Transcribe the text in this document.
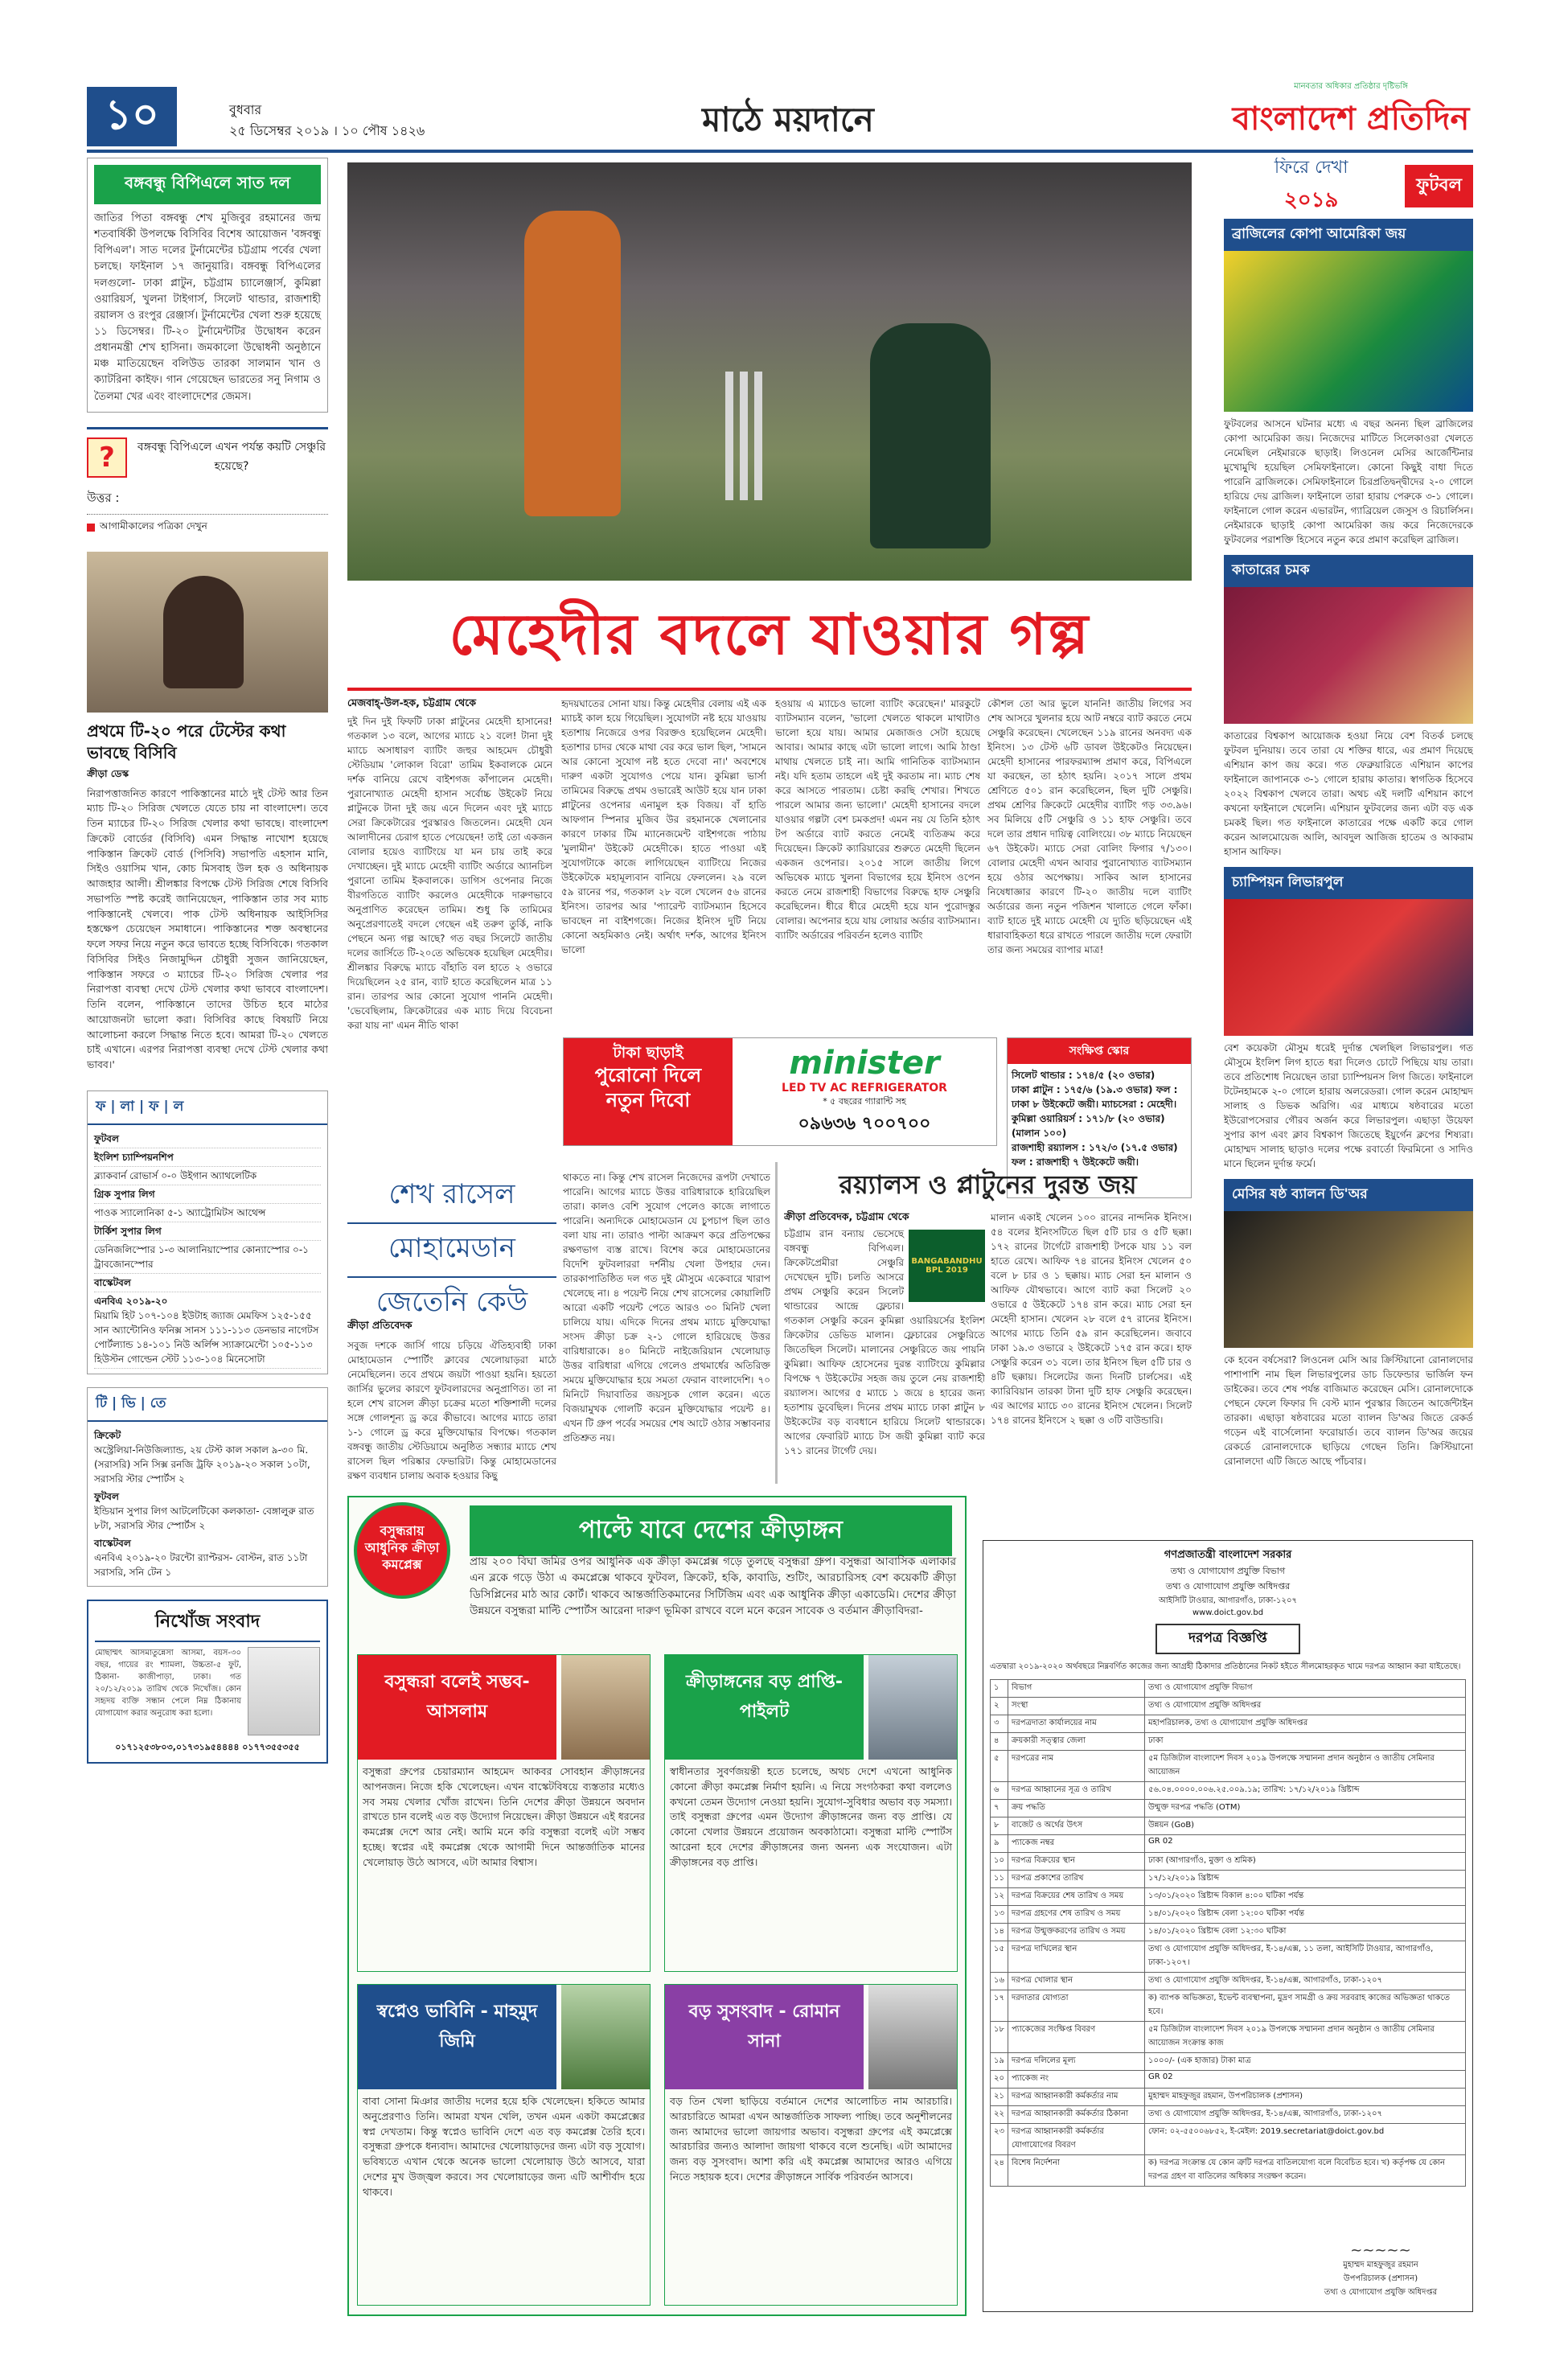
১০	বুধবার
২৫ ডিসেম্বর ২০১৯ । ১০ পৌষ ১৪২৬	মাঠে ময়দানে
মানবতার অধিকার প্রতিষ্ঠার দৃষ্টিভঙ্গি
বাংলাদেশ প্রতিদিন
বঙ্গবন্ধু বিপিএলে সাত দল
জাতির পিতা বঙ্গবন্ধু শেখ মুজিবুর রহমানের জন্ম শতবার্ষিকী উপলক্ষে বিসিবির বিশেষ আয়োজন 'বঙ্গবন্ধু বিপিএল'। সাত দলের টুর্নামেন্টের চট্টগ্রাম পর্বের খেলা চলছে। ফাইনাল ১৭ জানুয়ারি। বঙ্গবন্ধু বিপিএলের দলগুলো- ঢাকা প্লাটুন, চট্টগ্রাম চ্যালেঞ্জার্স, কুমিল্লা ওয়ারিয়র্স, খুলনা টাইগার্স, সিলেট থান্ডার, রাজশাহী রয়ালস ও রংপুর রেঞ্জার্স। টুর্নামেন্টের খেলা শুরু হয়েছে ১১ ডিসেম্বর। টি-২০ টুর্নামেন্টটির উদ্বোধন করেন প্রধানমন্ত্রী শেখ হাসিনা। জমকালো উদ্বোধনী অনুষ্ঠানে মঞ্চ মাতিয়েছেন বলিউড তারকা সালমান খান ও ক্যাটরিনা কাইফ। গান গেয়েছেন ভারতের সনু নিগাম ও তৈলমা খের এবং বাংলাদেশের জেমস।
?	বঙ্গবন্ধু বিপিএলে এখন পর্যন্ত কয়টি সেঞ্চুরি হয়েছে?
উত্তর :
আগামীকালের পত্রিকা দেখুন
প্রথমে টি-২০ পরে টেস্টের কথা ভাবছে বিসিবি
ক্রীড়া ডেস্ক
নিরাপত্তাজনিত কারণে পাকিস্তানের মাঠে দুই টেস্ট আর তিন ম্যাচ টি-২০ সিরিজ খেলতে যেতে চায় না বাংলাদেশ। তবে তিন ম্যাচের টি-২০ সিরিজ খেলার কথা ভাবছে। বাংলাদেশ ক্রিকেট বোর্ডের (বিসিবি) এমন সিদ্ধান্ত নাখোশ হয়েছে পাকিস্তান ক্রিকেট বোর্ড (পিসিবি) সভাপতি এহসান মানি, সিইও ওয়াসিম খান, কোচ মিসবাহ উল হক ও অধিনায়ক আজহার আলী। শ্রীলঙ্কার বিপক্ষে টেস্ট সিরিজ শেষে বিসিবি সভাপতি স্পষ্ট করেই জানিয়েছেন, পাকিস্তান তার সব ম্যাচ পাকিস্তানেই খেলবে। পাক টেস্ট অধিনায়ক আইসিসির হস্তক্ষেপ চেয়েছেন সমাধানে। পাকিস্তানের শক্ত অবস্থানের ফলে সফর নিয়ে নতুন করে ভাবতে হচ্ছে বিসিবিকে। গতকাল বিসিবির সিইও নিজামুদ্দিন চৌধুরী সুজন জানিয়েছেন, পাকিস্তান সফরে ৩ ম্যাচের টি-২০ সিরিজ খেলার পর নিরাপত্তা ব্যবস্থা দেখে টেস্ট খেলার কথা ভাববে বাংলাদেশ। তিনি বলেন, পাকিস্তানে তাদের উচিত হবে মাঠের আয়োজনটা ভালো করা। বিসিবির কাছে বিষয়টি নিয়ে আলোচনা করলে সিদ্ধান্ত নিতে হবে। আমরা টি-২০ খেলতে চাই এখানে। এরপর নিরাপত্তা ব্যবস্থা দেখে টেস্ট খেলার কথা ভাবব।'
ফ | লা | ফ | ল
ফুটবল
ইংলিশ চ্যাম্পিয়নশিপ
ব্ল্যাকবার্ন রোভার্স ০-০ উইগান অ্যাথলেটিক
গ্রিক সুপার লিগ
পাওক স্যালোনিকা ৫-১ অ্যাট্রোমিটস আথেন্স
টার্কিশ সুপার লিগ
ডেনিজলিস্পোর ১-৩ আলানিয়াস্পোর কোন্যাস্পোর ০-১ ট্রাবজোনস্পোর
বাস্কেটবল
এনবিএ ২০১৯-২০
মিয়ামি হিট ১০৭-১০৪ ইউটাহ জ্যাজ মেমফিস ১২৫-১৫৫ সান অ্যান্টোনিও ফনিক্স সানস ১১১-১১৩ ডেনভার নাগেটস পোর্টল্যান্ড ১৪-১০১ নিউ অর্লিন্স স্যাক্রামেন্টো ১০৫-১১৩ হিউস্টন গোল্ডেন স্টেট ১১৩-১০৪ মিনেসোটা
টি | ভি | তে
ক্রিকেট
অস্ট্রেলিয়া-নিউজিল্যান্ড, ২য় টেস্ট কাল সকাল ৯-৩০ মি. (সরাসরি) সনি সিক্স রনজি ট্রফি ২০১৯-২০ সকাল ১০টা, সরাসরি স্টার স্পোর্টস ২
ফুটবল
ইন্ডিয়ান সুপার লিগ আটলেটিকো কলকাতা- বেঙ্গালুরু রাত ৮টা, সরাসরি স্টার স্পোর্টস ২
বাস্কেটবল
এনবিএ ২০১৯-২০ টরন্টো র‌্যাপ্টরস- বোস্টন, রাত ১১টা সরাসরি, সনি টেন ১
নিখোঁজ সংবাদ
মোছাম্মৎ আসমাতুন্নেসা আসমা, বয়স-৩০ বছর, গায়ের রং শ্যামলা, উচ্চতা-৫ ফুট, ঠিকানা- কাজীপাড়া, ঢাকা। গত ২০/১২/২০১৯ তারিখ থেকে নিখোঁজ। কোন সহৃদয় ব্যক্তি সন্ধান পেলে নিম্ন ঠিকানায় যোগাযোগ করার অনুরোধ করা হলো।
০১৭১২৫৩৮০৩,০১৭৩১৯৫৪৪৪৪ ০১৭৭৩৫৫৩৫৫
মেহেদীর বদলে যাওয়ার গল্প
মেজবাহ্-উল-হক, চট্টগ্রাম থেকে
দুই দিন দুই ফিফটি ঢাকা প্লাটুনের মেহেদী হাসানের! গতকাল ১৩ বলে, আগের ম্যাচে ২১ বলে! টানা দুই ম্যাচে অসাধারণ ব্যাটিং জহুর আহমেদ চৌধুরী স্টেডিয়াম 'লোকাল বিরো' তামিম ইকবালকে মেনে দর্শক বানিয়ে রেখে বাইশগজ কাঁপালেন মেহেদী। পুরানোখ্যাত মেহেদী হাসান সর্বোচ্চ উইকেট নিয়ে প্লাটুনকে টানা দুই জয় এনে দিলেন এবং দুই ম্যাচে সেরা ক্রিকেটারের পুরস্কারও জিতলেন। মেহেদী যেন আলাদীনের চেরাগ হাতে পেয়েছেন! তাই তো একজন বোলার হয়েও ব্যাটিংয়ে যা মন চায় তাই করে দেখাচ্ছেন। দুই ম্যাচে মেহেদী ব্যাটিং অর্ডারে অ্যানচিল পুরানো তামিম ইকবালকে। ডাগিস ওপেনার নিজে বীরগতিতে ব্যাটিং করলেও মেহেদীকে দারুণভাবে অনুপ্রাণিত করেছেন তামিম। শুধু কি তামিমের অনুপ্রেরণাতেই বদলে গেছেন এই তরুণ তুর্কি, নাকি পেছনে অন্য গল্প আছে? গত বছর সিলেটে জাতীয় দলের জার্সিতে টি-২০তে অভিষেক হয়েছিল মেহেদীর। শ্রীলঙ্কার বিরুদ্ধে ম্যাচে বাঁহাতি বল হাতে ২ ওভারে দিয়েছিলেন ২৫ রান, ব্যাট হাতে করেছিলেন মাত্র ১১ রান। তারপর আর কোনো সুযোগ পাননি মেহেদী। 'ভেবেছিলাম, ক্রিকেটারের এক ম্যাচ দিয়ে বিবেচনা করা যায় না' এমন নীতি থাকা
হৃদয়ঘাতের সোনা যায়। কিন্তু মেহেদীর বেলায় এই এক ম্যাচই কাল হয়ে গিয়েছিল। সুযোগটা নষ্ট হয়ে যাওয়ায় হতাশায় নিজেরে ওপর বিরক্তও হয়েছিলেন মেহেদী। হতাশার চাদর থেকে মাথা বের করে ভাল ছিল, 'সামনে আর কোনো সুযোগ নষ্ট হতে দেবো না।' অবশেষে দারুণ একটা সুযোগও পেয়ে যান। কুমিল্লা ভার্সা তামিমের বিরুদ্ধে প্রথম ওভারেই আউট হয়ে যান ঢাকা প্লাটুনের ওপেনার এনামুল হক বিজয়। বাঁ হাতি আফগান স্পিনার মুজিব উর রহমানকে খেলানোর কারণে ঢাকার টিম ম্যানেজমেন্ট বাইশগজে পাঠায় 'মুলামীন' উইকেট মেহেদীকে। হাতে পাওয়া এই সুযোগটাকে কাজে লাগিয়েছেন ব্যাটিংয়ে নিজের উইকেটকে মহামূল্যবান বানিয়ে ফেললেন। ২৯ বলে ৫৯ রানের পর, গতকাল ২৮ বলে খেলেন ৫৬ রানের ইনিংস। তারপর আর 'প্যারেন্ট ব্যাটসম্যান হিসেবে ভাবছেন না বাইশগজে। নিজের ইনিংস দুটি নিয়ে কোনো অহমিকাও নেই। অর্থাৎ দর্শক, আগের ইনিংস ভালো
হওয়ায় এ ম্যাচেও ভালো ব্যাটিং করেছেন।' মারকুটে ব্যাটসম্যান বলেন, 'ভালো খেলতে থাকলে মাথাটাও ভালো হয়ে যায়। আমার মেজাজও সেটা হয়েছে আবার। আমার কাছে এটা ভালো লাগে। আমি ঠাণ্ডা মাথায় খেলতে চাই না। আমি গানিতিক ব্যাটসম্যান নই। যদি হতাম তাহলে এই দুই করতাম না। ম্যাচ শেষ করে আসতে পারতাম। চেষ্টা করছি শেখার। শিখতে পারলে আমার জন্য ভালো।' মেহেদী হাসানের বদলে যাওয়ার গল্পটা বেশ চমকপ্রদ! এমন নয় যে তিনি হঠাৎ টপ অর্ডারে ব্যাট করতে নেমেই ব্যতিক্রম করে দিয়েছেন। ক্রিকেট ক্যারিয়ারের শুরুতে মেহেদী ছিলেন একজন ওপেনার। ২০১৫ সালে জাতীয় লিগে অভিষেক ম্যাচে খুলনা বিভাগের হয়ে ইনিংস ওপেন করতে নেমে রাজশাহী বিভাগের বিরুদ্ধে হাফ সেঞ্চুরি করেছিলেন। ধীরে ধীরে মেহেদী হয়ে যান পুরোদস্তুর বোলার। অপেনার হয়ে যায় লোয়ার অর্ডার ব্যাটসম্যান। ব্যাটিং অর্ডারের পরিবর্তন হলেও ব্যাটিং
কৌশল তো আর ভুলে যাননি! জাতীয় লিগের সব শেষ আসরে খুলনার হয়ে আট নম্বরে ব্যাট করতে নেমে সেঞ্চুরি করেছেন। খেলেছেন ১১৯ রানের অনবদ্য এক ইনিংস। ১৩ টেস্ট ৬টি ডাবল উইকেটও নিয়েছেন। মেহেদী হাসানের পারফরম্যান্স প্রমাণ করে, বিপিএলে যা করছেন, তা হঠাৎ হয়নি। ২০১৭ সালে প্রথম শ্রেণিতে ৫০১ রান করেছিলেন, ছিল দুটি সেঞ্চুরি। প্রথম শ্রেণির ক্রিকেটে মেহেদীর ব্যাটিং গড় ৩৩.৯৬। সব মিলিয়ে ৫টি সেঞ্চুরি ও ১১ হাফ সেঞ্চুরি। তবে দলে তার প্রধান দায়িত্ব বোলিংয়ে। ৩৮ ম্যাচে নিয়েছেন ৬৭ উইকেট। ম্যাচে সেরা বোলিং ফিগার ৭/১৩০। বোলার মেহেদী এখন আবার পুরানোখ্যাত ব্যাটসম্যান হয়ে ওঠার অপেক্ষায়। সাকিব আল হাসানের নিষেধাজ্ঞার কারণে টি-২০ জাতীয় দলে ব্যাটিং অর্ডারের জন্য নতুন পজিশন খালাতে গেলে ফাঁকা। ব্যাট হাতে দুই ম্যাচে মেহেদী যে দ্যুতি ছড়িয়েছেন এই ধারাবাহিকতা ধরে রাখতে পারলে জাতীয় দলে ফেরাটা তার জন্য সময়ের ব্যাপার মাত্র!
টাকা ছাড়াই
পুরোনো দিলে
নতুন দিবো
minister
LED TV AC REFRIGERATOR
* ৫ বছরের গ্যারান্টি সহ
০৯৬৩৬ ৭০০৭০০
সংক্ষিপ্ত স্কোর
সিলেট থান্ডার : ১৭৪/৫ (২০ ওভার)
ঢাকা প্লাটুন : ১৭৫/৬ (১৯.৩ ওভার) ফল : ঢাকা ৮ উইকেটে জয়ী। ম্যাচসেরা : মেহেদী।
কুমিল্লা ওয়ারিয়র্স : ১৭১/৮ (২০ ওভার) (মালান ১০০)
রাজশাহী রয়্যালস : ১৭২/৩ (১৭.৫ ওভার)
ফল : রাজশাহী ৭ উইকেটে জয়ী।
শেখ রাসেল
মোহামেডান
জেতেনি কেউ
ক্রীড়া প্রতিবেদক
সবুজ দশকে জার্সি গায়ে চড়িয়ে ঐতিহ্যবাহী ঢাকা মোহামেডান স্পোর্টিং ক্লাবের খেলোয়াড়রা মাঠে নেমেছিলেন। তবে প্রথমে জয়টা পাওয়া হয়নি। হয়তো জার্সির ভুলের কারণে ফুটবলারদের অনুপ্রাণিত। তা না হলে শেখ রাসেল ক্রীড়া চক্রের মতো শক্তিশালী দলের সঙ্গে গোলশূন্য ড্র করে কীভাবে। আগের ম্যাচে তারা ১-১ গোলে ড্র করে মুক্তিযোদ্ধার বিপক্ষে। গতকাল বঙ্গবন্ধু জাতীয় স্টেডিয়ামে অনুষ্ঠিত সন্ধ্যার ম্যাচে শেখ রাসেল ছিল পরিষ্কার ফেভারিট। কিন্তু মোহামেডানের রক্ষণ ব্যবধান চালায় অবাক হওয়ার কিছু
থাকতে না। কিন্তু শেখ রাসেল নিজেদের রূপটা দেখাতে পারেনি। আগের ম্যাচে উত্তর বারিধারাকে হারিয়েছিল তারা। কালও বেশি সুযোগ পেলেও কাজে লাগাতে পারেনি। অন্যদিকে মোহামেডান যে চুপচাপ ছিল তাও বলা যায় না। তারাও পাল্টা আক্রমণ করে প্রতিপক্ষের রক্ষণভাগ ব্যস্ত রাখে। বিশেষ করে মোহামেডানের বিদেশি ফুটবলাররা দর্শনীয় খেলা উপহার দেন। তারকাপাতিষ্ঠিত দল গত দুই মৌসুমে একেবারে খারাপ খেলেছে না। ৪ পয়েন্ট নিয়ে শেখ রাসেলের কোয়ালিটি আরো একটি পয়েন্ট পেতে আরও ৩০ মিনিট খেলা চালিয়ে যায়। এদিকে দিনের প্রথম ম্যাচে মুক্তিযোদ্ধা সংসদ ক্রীড়া চক্র ২-১ গোলে হারিয়েছে উত্তর বারিধারাকে। ৪০ মিনিটে নাইজেরিয়ান খেলোয়াড় উত্তর বারিধারা এগিয়ে গেলেও প্রথমার্ধের অতিরিক্ত সময়ে মুক্তিযোদ্ধার হয়ে সমতা ফেরান বাংলাদেশি। ৭০ মিনিটে দিয়াবাতির জয়সূচক গোল করেন। এতে বিজয়ামুখক গোলটি করেন মুক্তিযোদ্ধার পয়েন্ট ৪। এখন টি গ্রুপ পর্বের সময়ের শেষ আটে ওঠার সম্ভাবনার প্রতিশ্রুত নয়।
রয়্যালস ও প্লাটুনের দুরন্ত জয়
ক্রীড়া প্রতিবেদক, চট্টগ্রাম থেকে
BANGABANDHU BPL 2019
চট্টগ্রাম রান বন্যায় ভেসেছে বঙ্গবন্ধু বিপিএল। ক্রিকেটপ্রেমীরা সেঞ্চুরি দেখেছেন দুটি। চলতি আসরে প্রথম সেঞ্চুরি করেন সিলেট থান্ডারের আন্দ্রে ফ্লেচার। গতকাল সেঞ্চুরি করেন কুমিল্লা ওয়ারিয়র্সের ইংলিশ ক্রিকেটার ডেভিড মালান। ফ্লেচারের সেঞ্চুরিতে জিতেছিল সিলেট। মালানের সেঞ্চুরিতে জয় পায়নি কুমিল্লা। আফিফ হোসেনের দুরন্ত ব্যাটিংয়ে কুমিল্লার বিপক্ষে ৭ উইকেটের সহজ জয় তুলে নেয় রাজশাহী রয়্যালস। আগের ৫ ম্যাচে ১ জয়ে ৪ হারের জন্য হতাশায় ডুবেছিল। দিনের প্রথম ম্যাচে ঢাকা প্লাটুন ৮ উইকেটের বড় ব্যবধানে হারিয়ে সিলেট থান্ডারকে। আগের ফেবারিট ম্যাচে টস জয়ী কুমিল্লা ব্যাট করে ১৭১ রানের টার্গেট দেয়।
মালান একাই খেলেন ১০০ রানের নান্দনিক ইনিংস। ৫৪ বলের ইনিংসটিতে ছিল ৫টি চার ও ৫টি ছক্কা। ১৭২ রানের টার্গেটে রাজশাহী টপকে যায় ১১ বল হাতে রেখে। আফিফ ৭৪ রানের ইনিংস খেলেন ৫০ বলে ৮ চার ও ১ ছক্কায়। ম্যাচ সেরা হন মালান ও আফিফ যৌথভাবে। আগে ব্যাট করা সিলেট ২০ ওভারে ৫ উইকেটে ১৭৪ রান করে। ম্যাচ সেরা হন মেহেদী হাসান। খেলেন ২৮ বলে ৫৭ রানের ইনিংস। আগের ম্যাচে তিনি ৫৯ রান করেছিলেন। জবাবে ঢাকা ১৯.৩ ওভারে ২ উইকেটে ১৭৫ রান করে। হাফ সেঞ্চুরি করেন ৩১ বলে। তার ইনিংস ছিল ৫টি চার ও ৪টি ছক্কায়। সিলেটের জন্য দিনটি চার্লসের। এই ক্যারিবিয়ান তারকা টানা দুটি হাফ সেঞ্চুরি করেছেন। এর আগের ম্যাচে ৩০ রানের ইনিংস খেলেন। সিলেট ১৭৪ রানের ইনিংসে ২ ছক্কা ও ৩টি বাউন্ডারি।
বসুন্ধরায়
আধুনিক ক্রীড়া
কমপ্লেক্স
পাল্টে যাবে দেশের ক্রীড়াঙ্গন
প্রায় ২০০ বিঘা জমির ওপর আধুনিক এক ক্রীড়া কমপ্লেক্স গড়ে তুলছে বসুন্ধরা গ্রুপ। বসুন্ধরা আবাসিক এলাকার এন ব্লকে গড়ে উঠা এ কমপ্লেক্সে থাকবে ফুটবল, ক্রিকেট, হকি, কাবাডি, শুটিং, আরচারিসহ বেশ কয়েকটি ক্রীড়া ডিসিপ্লিনের মাঠ আর কোর্ট। থাকবে আন্তর্জাতিকমানের সিটিজিম এবং এক আধুনিক ক্রীড়া একাডেমি। দেশের ক্রীড়া উন্নয়নে বসুন্ধরা মাল্টি স্পোর্টস আরেনা দারুণ ভূমিকা রাখবে বলে মনে করেন সাবেক ও বর্তমান ক্রীড়াবিদরা-
বসুন্ধরা বলেই সম্ভব- আসলাম
বসুন্ধরা গ্রুপের চেয়ারম্যান আহমেদ আকবর সোবহান ক্রীড়াঙ্গনের আপনজন। নিজে হকি খেলেছেন। এখন বাস্কেটবিষয়ে ব্যস্ততার মধ্যেও সব সময় খেলার খোঁজ রাখেন। তিনি দেশের ক্রীড়া উন্নয়নে অবদান রাখতে চান বলেই এত বড় উদ্যোগ নিয়েছেন। ক্রীড়া উন্নয়নে এই ধরনের কমপ্লেক্স দেশে আর নেই। আমি মনে করি বসুন্ধরা বলেই এটা সম্ভব হচ্ছে। স্বপ্নের এই কমপ্লেক্স থেকে আগামী দিনে আন্তর্জাতিক মানের খেলোয়াড় উঠে আসবে, এটা আমার বিশ্বাস।
ক্রীড়াঙ্গনের বড় প্রাপ্তি- পাইলট
স্বাধীনতার সুবর্ণজয়ন্তী হতে চলেছে, অথচ দেশে এখনো আধুনিক কোনো ক্রীড়া কমপ্লেক্স নির্মাণ হয়নি। এ নিয়ে সংগঠকরা কথা বললেও কখনো তেমন উদ্যোগ নেওয়া হয়নি। সুযোগ-সুবিধার অভাব বড় সমস্যা। তাই বসুন্ধরা গ্রুপের এমন উদ্যোগ ক্রীড়াঙ্গনের জন্য বড় প্রাপ্তি। যে কোনো খেলার উন্নয়নে প্রয়োজন অবকাঠামো। বসুন্ধরা মাল্টি স্পোর্টস আরেনা হবে দেশের ক্রীড়াঙ্গনের জন্য অনন্য এক সংযোজন। এটা ক্রীড়াঙ্গনের বড় প্রাপ্তি।
স্বপ্নেও ভাবিনি - মাহমুদ জিমি
বাবা সোনা মিঞার জাতীয় দলের হয়ে হকি খেলেছেন। হকিতে আমার অনুপ্রেরণাও তিনি। আমরা যখন খেলি, তখন এমন একটা কমপ্লেক্সের স্বপ্ন দেখতাম। কিন্তু স্বপ্নেও ভাবিনি দেশে এত বড় কমপ্লেক্স তৈরি হবে। বসুন্ধরা গ্রুপকে ধন্যবাদ। আমাদের খেলোয়াড়দের জন্য এটা বড় সুযোগ। ভবিষ্যতে এখান থেকে অনেক ভালো খেলোয়াড় উঠে আসবে, যারা দেশের মুখ উজ্জ্বল করবে। সব খেলোয়াড়ের জন্য এটি আশীর্বাদ হয়ে থাকবে।
বড় সুসংবাদ - রোমান সানা
বড় তিন খেলা ছাড়িয়ে বর্তমানে দেশের আলোচিত নাম আরচারি। আরচারিতে আমরা এখন আন্তর্জাতিক সাফল্য পাচ্ছি। তবে অনুশীলনের জন্য আমাদের ভালো জায়গার অভাব। বসুন্ধরা গ্রুপের এই কমপ্লেক্সে আরচারির জন্যও আলাদা জায়গা থাকবে বলে শুনেছি। এটা আমাদের জন্য বড় সুসংবাদ। আশা করি এই কমপ্লেক্স আমাদের আরও এগিয়ে নিতে সহায়ক হবে। দেশের ক্রীড়াঙ্গনে সার্বিক পরিবর্তন আসবে।
ফিরে দেখা
২০১৯
ফুটবল
ব্রাজিলের কোপা আমেরিকা জয়
ফুটবলের আসনে ঘটনার মধ্যে এ বছর অনন্য ছিল ব্রাজিলের কোপা আমেরিকা জয়। নিজেদের মাটিতে সিলেকাওরা খেলতে নেমেছিল নেইমারকে ছাড়াই। লিওনেল মেসির আর্জেন্টিনার মুখোমুখি হয়েছিল সেমিফাইনালে। কোনো কিছুই বাধা দিতে পারেনি ব্রাজিলকে। সেমিফাইনালে চিরপ্রতিদ্বন্দ্বীদের ২-০ গোলে হারিয়ে দেয় ব্রাজিল। ফাইনালে তারা হারায় পেরুকে ৩-১ গোলে। ফাইনালে গোল করেন এভারটন, গ্যাব্রিয়েল জেসুস ও রিচার্লিসন। নেইমারকে ছাড়াই কোপা আমেরিকা জয় করে নিজেদেরকে ফুটবলের পরাশক্তি হিসেবে নতুন করে প্রমাণ করেছিল ব্রাজিল।
কাতারের চমক
কাতারের বিশ্বকাপ আয়োজক হওয়া নিয়ে বেশ বিতর্ক চলছে ফুটবল দুনিয়ায়। তবে তারা যে শক্তির ধারে, এর প্রমাণ দিয়েছে এশিয়ান কাপ জয় করে। গত ফেব্রুয়ারিতে এশিয়ান কাপের ফাইনালে জাপানকে ৩-১ গোলে হারায় কাতার। স্বাগতিক হিসেবে ২০২২ বিশ্বকাপ খেলবে তারা। অথচ এই দলটি এশিয়ান কাপে কখনো ফাইনালে খেলেনি। এশিয়ান ফুটবলের জন্য এটা বড় এক চমকই ছিল। গত ফাইনালে কাতারের পক্ষে একটি করে গোল করেন আলমোয়েজ আলি, আবদুল আজিজ হাতেম ও আকরাম হাসান আফিফ।
চ্যাম্পিয়ন লিভারপুল
বেশ কয়েকটা মৌসুম ধরেই দুর্দান্ত খেলছিল লিভারপুল। গত মৌসুমে ইংলিশ লিগ হাতে ধরা দিলেও চোটে পিছিয়ে যায় তারা। তবে প্রতিশোধ নিয়েছেন তারা চ্যাম্পিয়নস লিগ জিতে। ফাইনালে টটেনহামকে ২-০ গোলে হারায় অলরেডরা। গোল করেন মোহাম্মদ সালাহ ও ডিভক অরিগি। এর মাধ্যমে ষষ্ঠবারের মতো ইউরোপসেরার গৌরব অর্জন করে লিভারপুল। এছাড়া উয়েফা সুপার কাপ এবং ক্লাব বিশ্বকাপ জিতেছে ইয়ুর্গেন ক্লপের শিষ্যরা। মোহাম্মদ সালাহ ছাড়াও দলের পক্ষে রবার্তো ফিরমিনো ও সাদিও মানে ছিলেন দুর্দান্ত ফর্মে।
মেসির ষষ্ঠ ব্যালন ডি'অর
কে হবেন বর্ষসেরা? লিওনেল মেসি আর ক্রিস্টিয়ানো রোনালদোর পাশাপাশি নাম ছিল লিভারপুলের ডাচ ডিফেন্ডার ভার্জিল ফন ডাইকের। তবে শেষ পর্যন্ত বাজিমাত করেছেন মেসি। রোনালদোকে পেছনে ফেলে ফিফার দি বেস্ট ম্যান পুরস্কার জিতেন আর্জেন্টাইন তারকা। এছাড়া ষষ্ঠবারের মতো ব্যালন ডি'অর জিতে রেকর্ড গড়েন এই বার্সেলোনা ফরোয়ার্ড। তবে ব্যালন ডি'অর জয়ের রেকর্ডে রোনালদোকে ছাড়িয়ে গেছেন তিনি। ক্রিস্টিয়ানো রোনালদো এটি জিতে আছে পাঁচবার।
গণপ্রজাতন্ত্রী বাংলাদেশ সরকার
তথ্য ও যোগাযোগ প্রযুক্তি বিভাগ
তথ্য ও যোগাযোগ প্রযুক্তি অধিদপ্তর
আইসিটি টাওয়ার, আগারগাঁও, ঢাকা-১২০৭
www.doict.gov.bd
দরপত্র বিজ্ঞপ্তি
এতদ্বারা ২০১৯-২০২০ অর্থবছরে নিম্নবর্ণিত কাজের জন্য আগ্রহী ঠিকাদার প্রতিষ্ঠানের নিকট হইতে সীলমোহরকৃত খামে দরপত্র আহ্বান করা যাইতেছে।
১	বিভাগ	তথ্য ও যোগাযোগ প্রযুক্তি বিভাগ
২	সংস্থা	তথ্য ও যোগাযোগ প্রযুক্তি অধিদপ্তর
৩	দরপত্রদাতা কার্যালয়ের নাম	মহাপরিচালক, তথ্য ও যোগাযোগ প্রযুক্তি অধিদপ্তর
৪	ক্রয়কারী সত্ত্বার জেলা	ঢাকা
৫	দরপত্রের নাম	৫ম ডিজিটাল বাংলাদেশ দিবস ২০১৯ উপলক্ষে সম্মাননা প্রদান অনুষ্ঠান ও জাতীয় সেমিনার আয়োজন
৬	দরপত্র আহ্বানের সূত্র ও তারিখ	৫৬.০৪.০০০০.০০৬.২৫.০০৯.১৯; তারিখ: ১৭/১২/২০১৯ খ্রিষ্টাব্দ
৭	ক্রয় পদ্ধতি	উন্মুক্ত দরপত্র পদ্ধতি (OTM)
৮	বাজেট ও অর্থের উৎস	উন্নয়ন (GoB)
৯	প্যাকেজ নম্বর	GR 02
১০	দরপত্র বিক্রয়ের স্থান	ঢাকা (আগারগাঁও, মুক্তা ও শ্রমিক)
১১	দরপত্র প্রকাশের তারিখ	১৭/১২/২০১৯ খ্রিষ্টাব্দ
১২	দরপত্র বিক্রয়ের শেষ তারিখ ও সময়	১৩/০১/২০২০ খ্রিষ্টাব্দ বিকাল ৪:০০ ঘটিকা পর্যন্ত
১৩	দরপত্র গ্রহণের শেষ তারিখ ও সময়	১৪/০১/২০২০ খ্রিষ্টাব্দ বেলা ১২:০০ ঘটিকা পর্যন্ত
১৪	দরপত্র উন্মুক্তকরণের তারিখ ও সময়	১৪/০১/২০২০ খ্রিষ্টাব্দ বেলা ১২:৩০ ঘটিকা
১৫	দরপত্র দাখিলের স্থান	তথ্য ও যোগাযোগ প্রযুক্তি অধিদপ্তর, ই-১৪/এক্স, ১১ তলা, আইসিটি টাওয়ার, আগারগাঁও, ঢাকা-১২০৭।
১৬	দরপত্র খোলার স্থান	তথ্য ও যোগাযোগ প্রযুক্তি অধিদপ্তর, ই-১৪/এক্স, আগারগাঁও, ঢাকা-১২০৭
১৭	দরদাতার যোগ্যতা	ক) ব্যাপক অভিজ্ঞতা, ইভেন্ট ব্যবস্থাপনা, মুদ্রণ সামগ্রী ও ক্রয় সরবরাহ কাজের অভিজ্ঞতা থাকতে হবে।
১৮	প্যাকেজের সংক্ষিপ্ত বিবরণ	৫ম ডিজিটাল বাংলাদেশ দিবস ২০১৯ উপলক্ষে সম্মাননা প্রদান অনুষ্ঠান ও জাতীয় সেমিনার আয়োজন সংক্রান্ত কাজ
১৯	দরপত্র দলিলের মূল্য	১০০০/- (এক হাজার) টাকা মাত্র
২০	প্যাকেজ নং	GR 02
২১	দরপত্র আহ্বানকারী কর্মকর্তার নাম	মুহাম্মদ মাহফুজুর রহমান, উপপরিচালক (প্রশাসন)
২২	দরপত্র আহ্বানকারী কর্মকর্তার ঠিকানা	তথ্য ও যোগাযোগ প্রযুক্তি অধিদপ্তর, ই-১৪/এক্স, আগারগাঁও, ঢাকা-১২০৭
২৩	দরপত্র আহ্বানকারী কর্মকর্তার যোগাযোগের বিবরণ	ফোন: ০২-৫৫০০৬৮৫২, ই-মেইল: 2019.secretariat@doict.gov.bd
২৪	বিশেষ নির্দেশনা	ক) দরপত্র সংক্রান্ত যে কোন ত্রুটি দরপত্র বাতিলযোগ্য বলে বিবেচিত হবে। খ) কর্তৃপক্ষ যে কোন দরপত্র গ্রহণ বা বাতিলের অধিকার সংরক্ষণ করেন।
~~~~~
মুহাম্মদ মাহফুজুর রহমান
উপপরিচালক (প্রশাসন)
তথ্য ও যোগাযোগ প্রযুক্তি অধিদপ্তর
